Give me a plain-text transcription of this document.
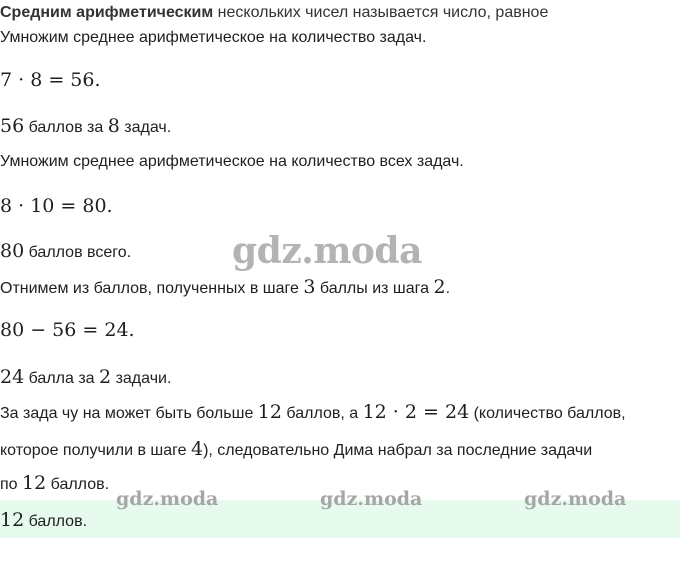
Средним арифметическим нескольких чисел называется число, равное
Умножим среднее арифметическое на количество задач.
7 · 8 = 56.
56 баллов за 8 задач.
Умножим среднее арифметическое на количество всех задач.
8 · 10 = 80.
80 баллов всего.
Отнимем из баллов, полученных в шаге 3 баллы из шага 2.
80 − 56 = 24.
24 балла за 2 задачи.
За зада чу на может быть больше 12 баллов, а 12 · 2 = 24 (количество баллов,
которое получили в шаге 4), следовательно Дима набрал за последние задачи
по 12 баллов.
12 баллов.
gdz.moda
gdz.moda	gdz.moda	gdz.moda
